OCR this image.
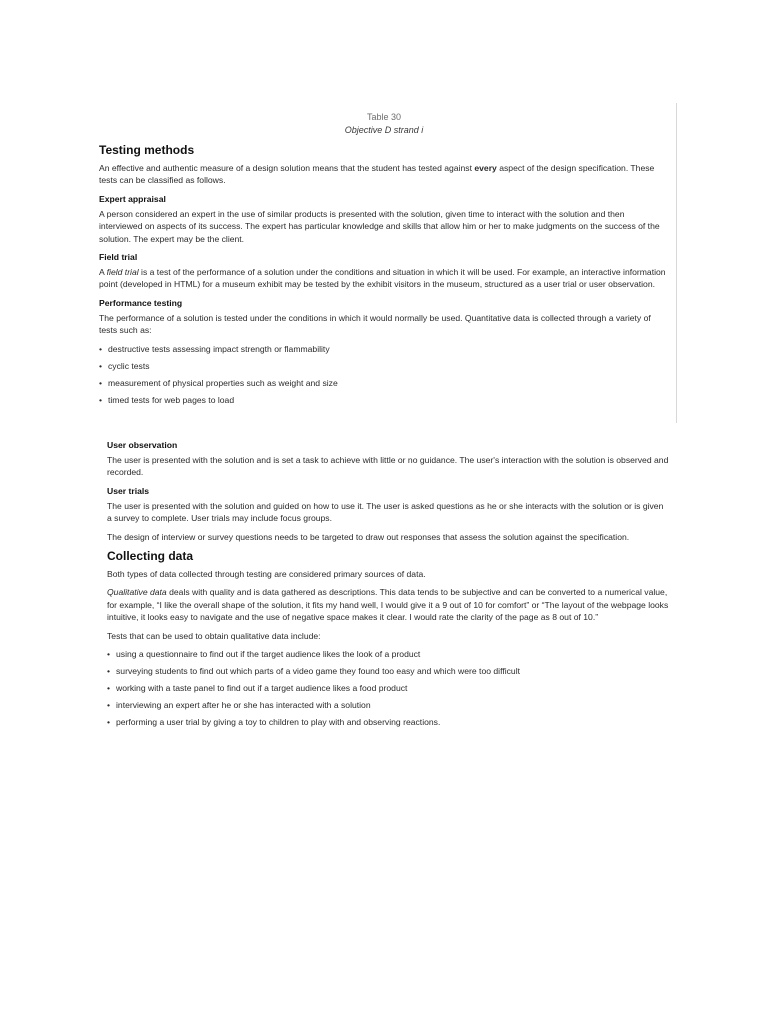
Table 30
Objective D strand i
Testing methods

An effective and authentic measure of a design solution means that the student has tested against every aspect of the design specification. These tests can be classified as follows.

Expert appraisal

A person considered an expert in the use of similar products is presented with the solution, given time to interact with the solution and then interviewed on aspects of its success. The expert has particular knowledge and skills that allow him or her to make judgments on the success of the solution. The expert may be the client.

Field trial

A field trial is a test of the performance of a solution under the conditions and situation in which it will be used. For example, an interactive information point (developed in HTML) for a museum exhibit may be tested by the exhibit visitors in the museum, structured as a user trial or user observation.

Performance testing

The performance of a solution is tested under the conditions in which it would normally be used. Quantitative data is collected through a variety of tests such as:

• destructive tests assessing impact strength or flammability
• cyclic tests
• measurement of physical properties such as weight and size
• timed tests for web pages to load
User observation

The user is presented with the solution and is set a task to achieve with little or no guidance. The user's interaction with the solution is observed and recorded.

User trials

The user is presented with the solution and guided on how to use it. The user is asked questions as he or she interacts with the solution or is given a survey to complete. User trials may include focus groups.

The design of interview or survey questions needs to be targeted to draw out responses that assess the solution against the specification.

Collecting data

Both types of data collected through testing are considered primary sources of data.

Qualitative data deals with quality and is data gathered as descriptions. This data tends to be subjective and can be converted to a numerical value, for example, “I like the overall shape of the solution, it fits my hand well, I would give it a 9 out of 10 for comfort” or “The layout of the webpage looks intuitive, it looks easy to navigate and the use of negative space makes it clear. I would rate the clarity of the page as 8 out of 10.”

Tests that can be used to obtain qualitative data include:

• using a questionnaire to find out if the target audience likes the look of a product
• surveying students to find out which parts of a video game they found too easy and which were too difficult
• working with a taste panel to find out if a target audience likes a food product
• interviewing an expert after he or she has interacted with a solution
• performing a user trial by giving a toy to children to play with and observing reactions.
